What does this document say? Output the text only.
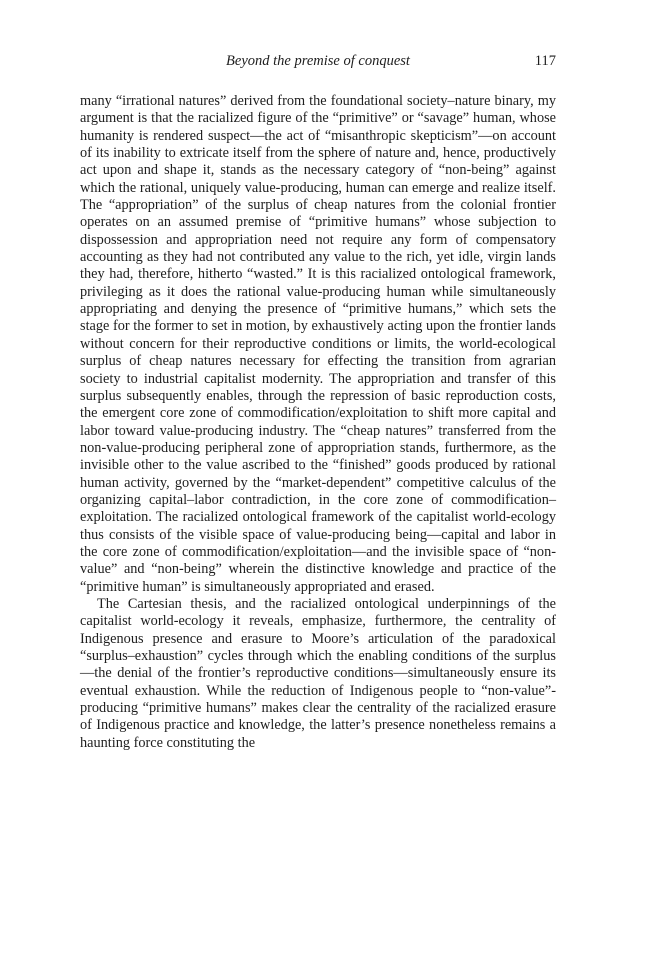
Beyond the premise of conquest	117

many “irrational natures” derived from the foundational society–nature binary, my argument is that the racialized figure of the “primitive” or “savage” human, whose humanity is rendered suspect—the act of “misanthropic skepticism”—on account of its inability to extricate itself from the sphere of nature and, hence, productively act upon and shape it, stands as the necessary category of “non-being” against which the rational, uniquely value-producing, human can emerge and realize itself. The “appropriation” of the surplus of cheap natures from the colonial frontier operates on an assumed premise of “primitive humans” whose subjection to dispossession and appropriation need not require any form of compensatory accounting as they had not contributed any value to the rich, yet idle, virgin lands they had, therefore, hitherto “wasted.” It is this racialized ontological framework, privileging as it does the rational value-producing human while simultaneously appropriating and denying the presence of “primitive humans,” which sets the stage for the former to set in motion, by exhaustively acting upon the frontier lands without concern for their reproductive conditions or limits, the world-ecological surplus of cheap natures necessary for effecting the transition from agrarian society to industrial capitalist modernity. The appropriation and transfer of this surplus subsequently enables, through the repression of basic reproduction costs, the emergent core zone of commodification/exploitation to shift more capital and labor toward value-producing industry. The “cheap natures” transferred from the non-value-producing peripheral zone of appropriation stands, furthermore, as the invisible other to the value ascribed to the “finished” goods produced by rational human activity, governed by the “market-dependent” competitive calculus of the organizing capital–labor contradiction, in the core zone of commodification–exploitation. The racialized ontological framework of the capitalist world-ecology thus consists of the visible space of value-producing being—capital and labor in the core zone of commodification/exploitation—and the invisible space of “non-value” and “non-being” wherein the distinctive knowledge and practice of the “primitive human” is simultaneously appropriated and erased.

The Cartesian thesis, and the racialized ontological underpinnings of the capitalist world-ecology it reveals, emphasize, furthermore, the centrality of Indigenous presence and erasure to Moore’s articulation of the paradoxical “surplus–exhaustion” cycles through which the enabling conditions of the surplus—the denial of the frontier’s reproductive conditions—simultaneously ensure its eventual exhaustion. While the reduction of Indigenous people to “non-value”-producing “primitive humans” makes clear the centrality of the racialized erasure of Indigenous practice and knowledge, the latter’s presence nonetheless remains a haunting force constituting the
